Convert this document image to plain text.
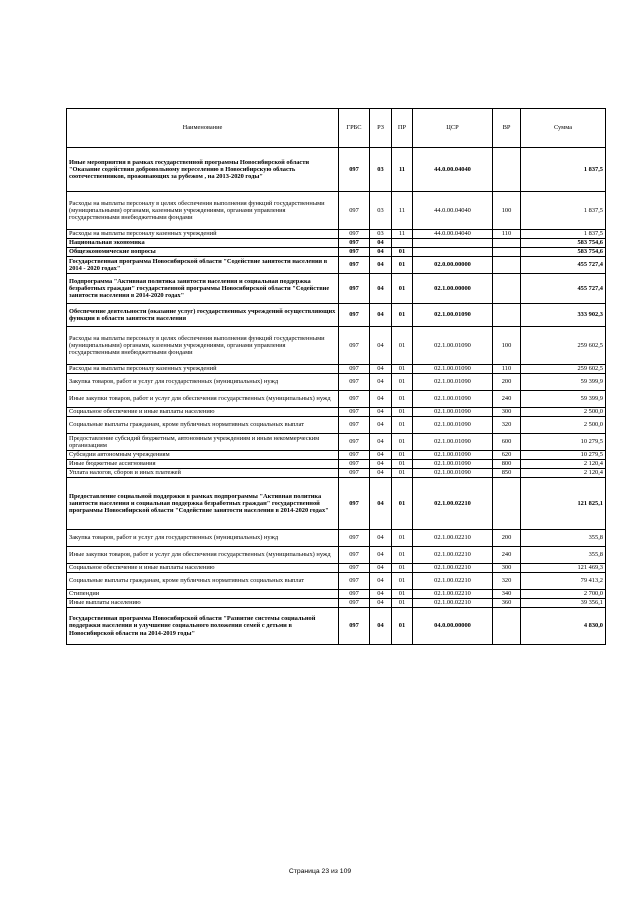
Наименование	ГРБС	РЗ	ПР	ЦСР	ВР	Сумма
Иные мероприятия в рамках государственной программы Новосибирской области "Оказание содействия добровольному переселению в Новосибирскую область соотечественников, проживающих за рубежом , на 2013-2020 годы"	097	03	11	44.0.00.04040		1 837,5
Расходы на выплаты персоналу в целях обеспечения выполнения функций государственными (муниципальными) органами, казенными учреждениями, органами управления государственными внебюджетными фондами	097	03	11	44.0.00.04040	100	1 837,5
Расходы на выплаты персоналу казенных учреждений	097	03	11	44.0.00.04040	110	1 837,5
Национальная экономика	097	04				583 754,6
Общеэкономические вопросы	097	04	01			583 754,6
Государственная программа Новосибирской области "Содействие занятости населения в 2014 - 2020 годах"	097	04	01	02.0.00.00000		455 727,4
Подпрограмма "Активная политика занятости населения и социальная поддержка безработных граждан" государственной программы Новосибирской области "Содействие занятости населения в 2014-2020 годах"	097	04	01	02.1.00.00000		455 727,4
Обеспечение деятельности (оказание услуг) государственных учреждений осуществляющих функции в области занятости населения	097	04	01	02.1.00.01090		333 902,3
Расходы на выплаты персоналу в целях обеспечения выполнения функций государственными (муниципальными) органами, казенными учреждениями, органами управления государственными внебюджетными фондами	097	04	01	02.1.00.01090	100	259 602,5
Расходы на выплаты персоналу казенных учреждений	097	04	01	02.1.00.01090	110	259 602,5
Закупка товаров, работ и услуг для государственных (муниципальных) нужд	097	04	01	02.1.00.01090	200	59 399,9
Иные закупки товаров, работ и услуг для обеспечения государственных (муниципальных) нужд	097	04	01	02.1.00.01090	240	59 399,9
Социальное обеспечение и иные выплаты населению	097	04	01	02.1.00.01090	300	2 500,0
Социальные выплаты гражданам, кроме публичных нормативных социальных выплат	097	04	01	02.1.00.01090	320	2 500,0
Предоставление субсидий бюджетным, автономным учреждениям и иным некоммерческим организациям	097	04	01	02.1.00.01090	600	10 279,5
Субсидии автономным учреждениям	097	04	01	02.1.00.01090	620	10 279,5
Иные бюджетные ассигнования	097	04	01	02.1.00.01090	800	2 120,4
Уплата налогов, сборов и иных платежей	097	04	01	02.1.00.01090	850	2 120,4
Предоставление социальной поддержки в рамках подпрограммы "Активная политика занятости населения и социальная поддержка безработных граждан" государственной программы Новосибирской области "Содействие занятости населения в 2014-2020 годах"	097	04	01	02.1.00.02210		121 825,1
Закупка товаров, работ и услуг для государственных (муниципальных) нужд	097	04	01	02.1.00.02210	200	355,8
Иные закупки товаров, работ и услуг для обеспечения государственных (муниципальных) нужд	097	04	01	02.1.00.02210	240	355,8
Социальное обеспечение и иные выплаты населению	097	04	01	02.1.00.02210	300	121 469,3
Социальные выплаты гражданам, кроме публичных нормативных социальных выплат	097	04	01	02.1.00.02210	320	79 413,2
Стипендии	097	04	01	02.1.00.02210	340	2 700,0
Иные выплаты населению	097	04	01	02.1.00.02210	360	39 356,1
Государственная программа Новосибирской области "Развитие системы социальной поддержки населения и улучшение социального положения семей с детьми в Новосибирской области на 2014-2019 годы"	097	04	01	04.0.00.00000		4 830,0
Страница 23 из 109
